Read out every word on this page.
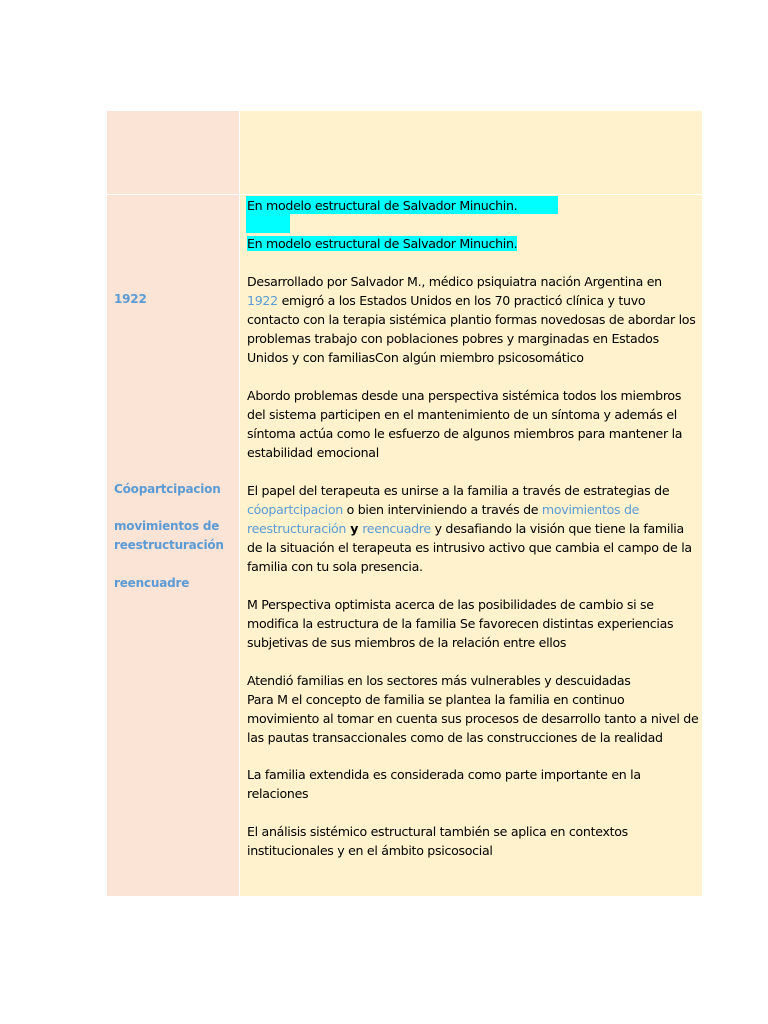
1922
Cóopartcipacion
movimientos de
reestructuración
reencuadre
En modelo estructural de Salvador Minuchin.
En modelo estructural de Salvador Minuchin.
Desarrollado por Salvador M., médico psiquiatra nación Argentina en
1922 emigró a los Estados Unidos en los 70 practicó clínica y tuvo contacto con la terapia sistémica plantio formas novedosas de abordar los problemas trabajo con poblaciones pobres y marginadas en Estados Unidos y con familiasCon algún miembro psicosomático
Abordo problemas desde una perspectiva sistémica todos los miembros del sistema participen en el mantenimiento de un síntoma y además el síntoma actúa como le esfuerzo de algunos miembros para mantener la estabilidad emocional
El papel del terapeuta es unirse a la familia a través de estrategias de cóopartcipacion o bien interviniendo a través de movimientos de reestructuración y reencuadre y desafiando la visión que tiene la familia de la situación el terapeuta es intrusivo activo que cambia el campo de la familia con tu sola presencia.
M Perspectiva optimista acerca de las posibilidades de cambio si se modifica la estructura de la familia Se favorecen distintas experiencias subjetivas de sus miembros de la relación entre ellos
Atendió familias en los sectores más vulnerables y descuidadas
Para M el concepto de familia se plantea la familia en continuo movimiento al tomar en cuenta sus procesos de desarrollo tanto a nivel de las pautas transaccionales como de las construcciones de la realidad
La familia extendida es considerada como parte importante en la relaciones
El análisis sistémico estructural también se aplica en contextos institucionales y en el ámbito psicosocial
